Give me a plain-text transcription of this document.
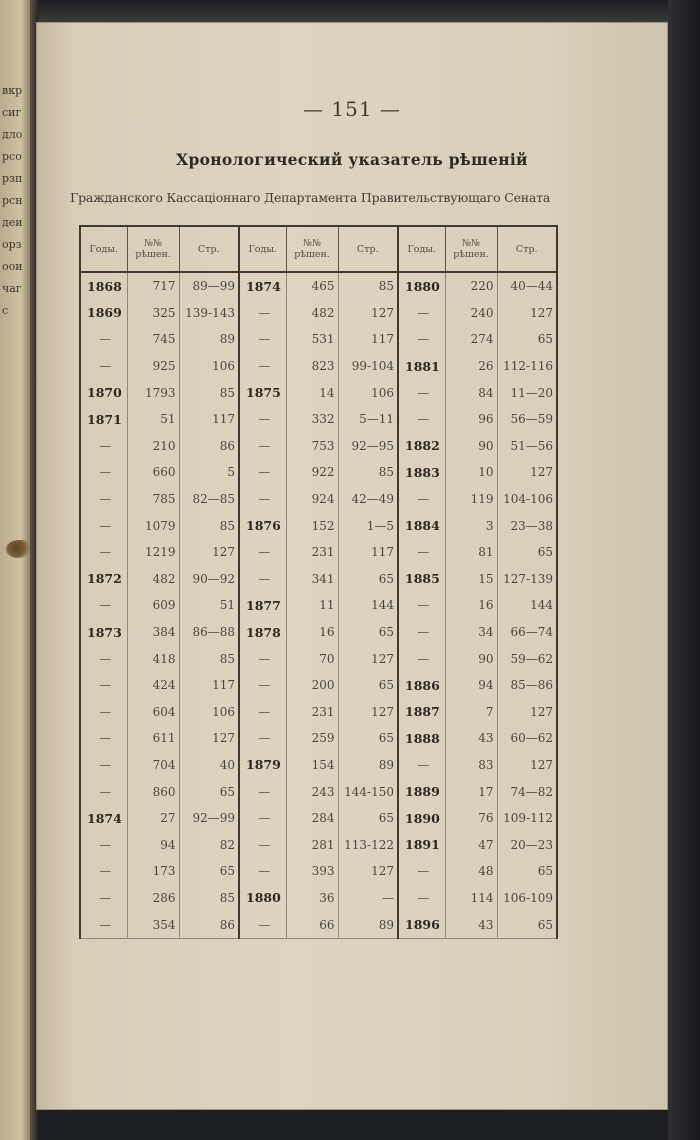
вкрсигдлорсорзпрсндеиорзооичагс
— 151 —
Хронологический указатель рѣшеній
Гражданского Кассаціоннаго Департамента Правительствующаго Сената
Годы.	№№ рѣшен.	Стр.	Годы.	№№ рѣшен.	Стр.	Годы.	№№ рѣшен.	Стр.
1868	717	89—99	1874	465	85	1880	220	40—44
1869	325	139-143	—	482	127	—	240	127
—	745	89	—	531	117	—	274	65
—	925	106	—	823	99-104	1881	26	112-116
1870	1793	85	1875	14	106	—	84	11—20
1871	51	117	—	332	5—11	—	96	56—59
—	210	86	—	753	92—95	1882	90	51—56
—	660	5	—	922	85	1883	10	127
—	785	82—85	—	924	42—49	—	119	104-106
—	1079	85	1876	152	1—5	1884	3	23—38
—	1219	127	—	231	117	—	81	65
1872	482	90—92	—	341	65	1885	15	127-139
—	609	51	1877	11	144	—	16	144
1873	384	86—88	1878	16	65	—	34	66—74
—	418	85	—	70	127	—	90	59—62
—	424	117	—	200	65	1886	94	85—86
—	604	106	—	231	127	1887	7	127
—	611	127	—	259	65	1888	43	60—62
—	704	40	1879	154	89	—	83	127
—	860	65	—	243	144-150	1889	17	74—82
1874	27	92—99	—	284	65	1890	76	109-112
—	94	82	—	281	113-122	1891	47	20—23
—	173	65	—	393	127	—	48	65
—	286	85	1880	36	—	—	114	106-109
—	354	86	—	66	89	1896	43	65
